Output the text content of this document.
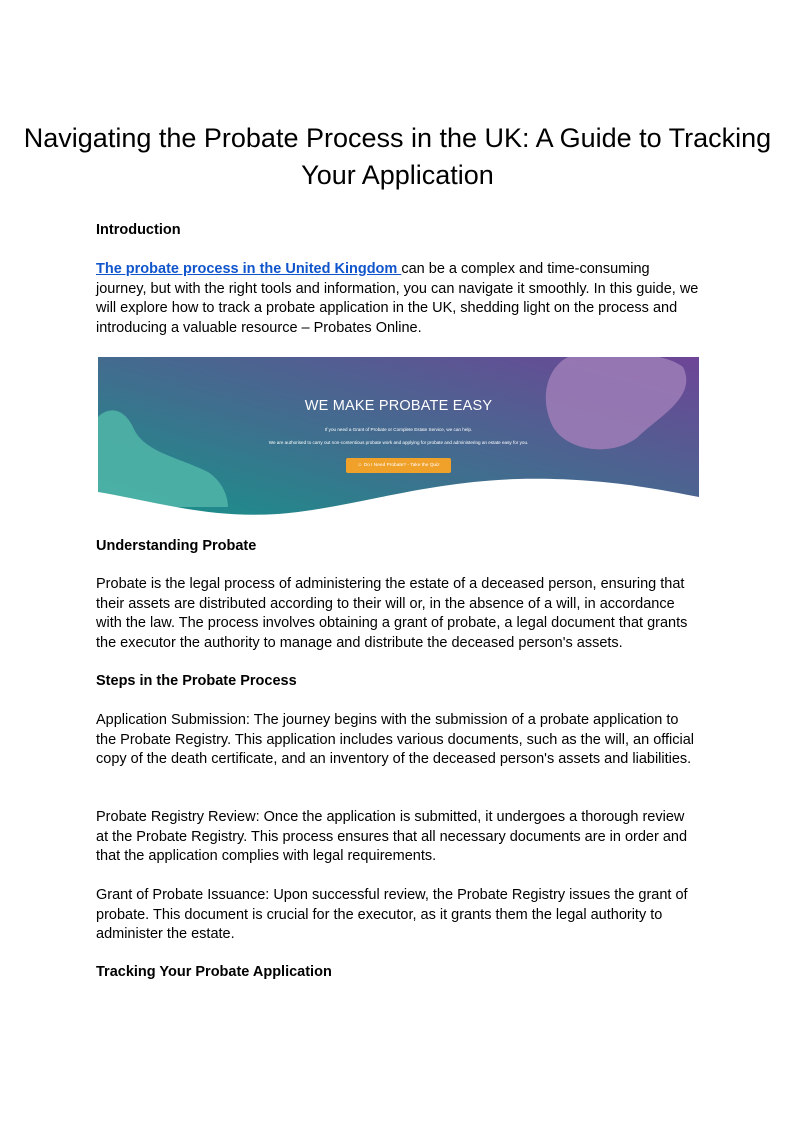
Navigating the Probate Process in the UK: A Guide to Tracking Your Application
Introduction

The probate process in the United Kingdom can be a complex and time-consuming journey, but with the right tools and information, you can navigate it smoothly. In this guide, we will explore how to track a probate application in the UK, shedding light on the process and introducing a valuable resource – Probates Online.

WE MAKE PROBATE EASY
If you need a Grant of Probate or Complete Estate Service, we can help.
We are authorised to carry out non-contentious probate work and applying for probate and administering an estate easy for you.
☺ Do I Need Probate? - Take the Quiz
Understanding Probate

Probate is the legal process of administering the estate of a deceased person, ensuring that their assets are distributed according to their will or, in the absence of a will, in accordance with the law. The process involves obtaining a grant of probate, a legal document that grants the executor the authority to manage and distribute the deceased person's assets.

Steps in the Probate Process

Application Submission: The journey begins with the submission of a probate application to the Probate Registry. This application includes various documents, such as the will, an official copy of the death certificate, and an inventory of the deceased person's assets and liabilities.

Probate Registry Review: Once the application is submitted, it undergoes a thorough review at the Probate Registry. This process ensures that all necessary documents are in order and that the application complies with legal requirements.

Grant of Probate Issuance: Upon successful review, the Probate Registry issues the grant of probate. This document is crucial for the executor, as it grants them the legal authority to administer the estate.

Tracking Your Probate Application
